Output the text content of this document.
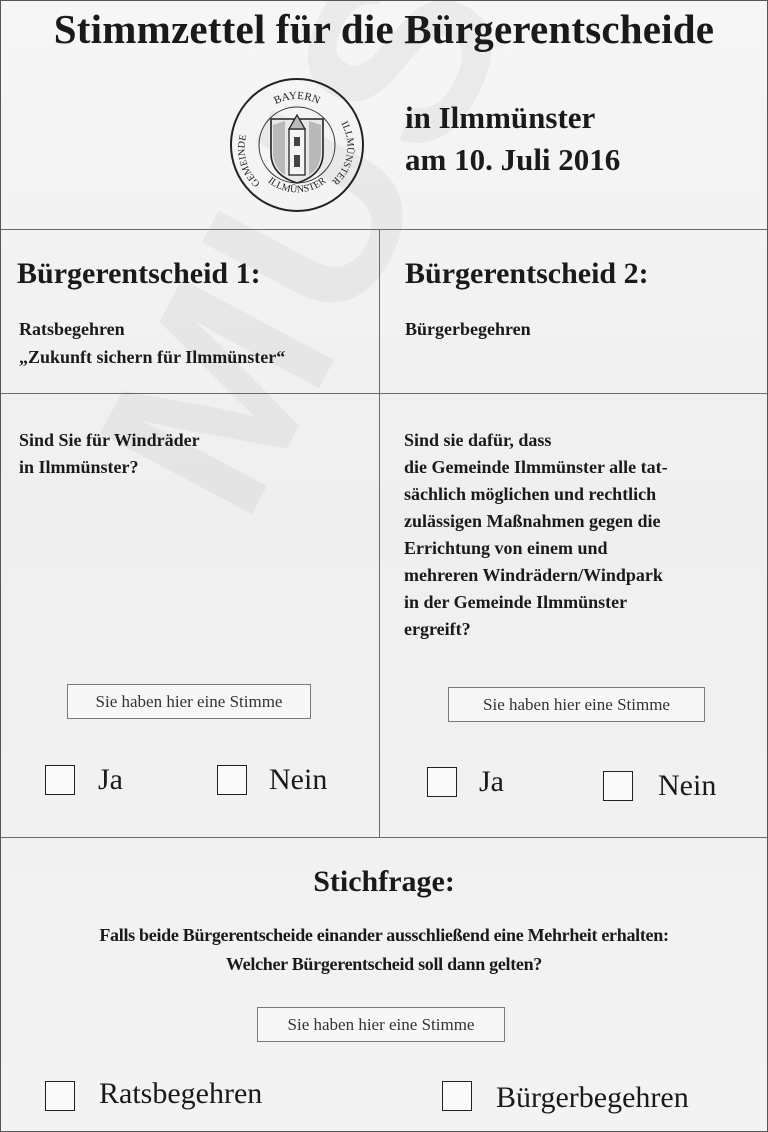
Stimmzettel für die Bürgerentscheide
BAYERN
GEMEINDE
ILLMÜNSTER
ILLMÜNSTER
in Ilmmünster
am 10. Juli 2016
Bürgerentscheid 1:
Ratsbegehren
„Zukunft sichern für Ilmmünster“
Sind Sie für Windräder
in Ilmmünster?
Sie haben hier eine Stimme
Ja	Nein
Bürgerentscheid 2:
Bürgerbegehren
Sind sie dafür, dass
die Gemeinde Ilmmünster alle tat-
sächlich möglichen und rechtlich
zulässigen Maßnahmen gegen die
Errichtung von einem und
mehreren Windrädern/Windpark
in der Gemeinde Ilmmünster
ergreift?
Sie haben hier eine Stimme
Ja	Nein
Stichfrage:
Falls beide Bürgerentscheide einander ausschließend eine Mehrheit erhalten:
Welcher Bürgerentscheid soll dann gelten?
Sie haben hier eine Stimme
Ratsbegehren	Bürgerbegehren
